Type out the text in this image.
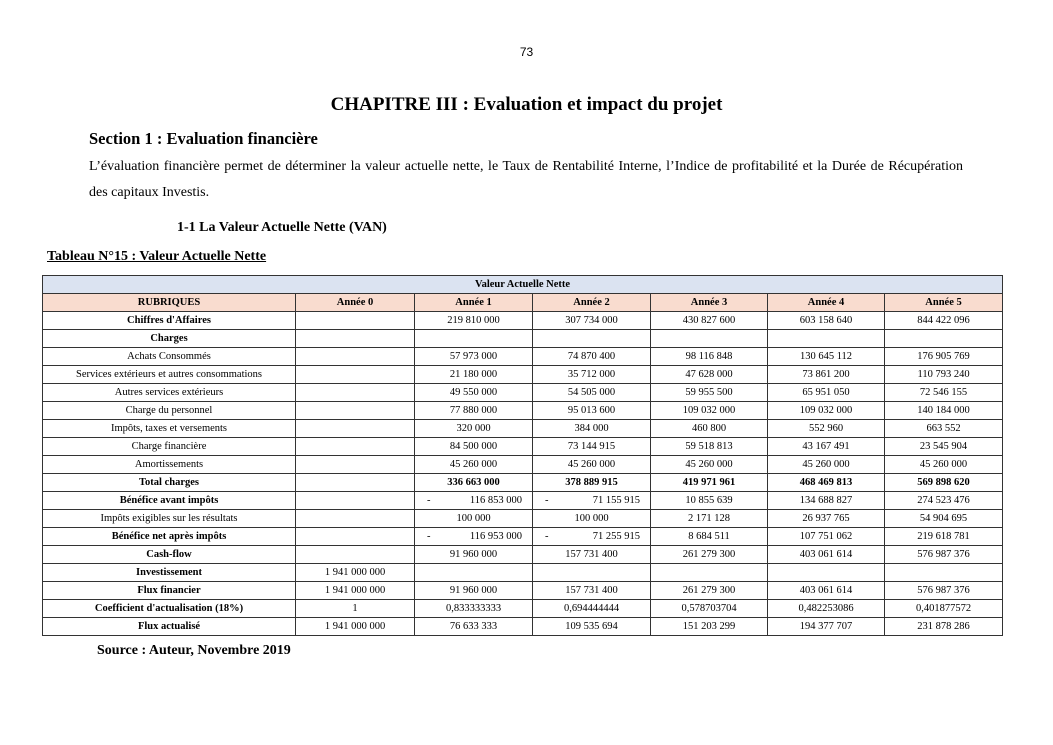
73
CHAPITRE III : Evaluation et impact du projet
Section 1 : Evaluation financière
L’évaluation financière permet de déterminer la valeur actuelle nette, le Taux de Rentabilité Interne, l’Indice de profitabilité et la Durée de Récupération des capitaux Investis.
1-1 La Valeur Actuelle Nette (VAN)
Tableau N°15 : Valeur Actuelle Nette
Valeur Actuelle Nette						
RUBRIQUES	Année 0	Année 1	Année 2	Année 3	Année 4	Année 5
Chiffres d'Affaires		219 810 000	307 734 000	430 827 600	603 158 640	844 422 096
Charges						
Achats Consommés		57 973 000	74 870 400	98 116 848	130 645 112	176 905 769
Services extérieurs et autres consommations		21 180 000	35 712 000	47 628 000	73 861 200	110 793 240
Autres services extérieurs		49 550 000	54 505 000	59 955 500	65 951 050	72 546 155
Charge du personnel		77 880 000	95 013 600	109 032 000	109 032 000	140 184 000
Impôts, taxes et versements		320 000	384 000	460 800	552 960	663 552
Charge financière		84 500 000	73 144 915	59 518 813	43 167 491	23 545 904
Amortissements		45 260 000	45 260 000	45 260 000	45 260 000	45 260 000
Total charges		336 663 000	378 889 915	419 971 961	468 469 813	569 898 620
Bénéfice avant impôts		- 116 853 000	- 71 155 915	10 855 639	134 688 827	274 523 476
Impôts exigibles sur les résultats		100 000	100 000	2 171 128	26 937 765	54 904 695
Bénéfice net après impôts		- 116 953 000	- 71 255 915	8 684 511	107 751 062	219 618 781
Cash-flow		91 960 000	157 731 400	261 279 300	403 061 614	576 987 376
Investissement	1 941 000 000					
Flux financier	1 941 000 000	91 960 000	157 731 400	261 279 300	403 061 614	576 987 376
Coefficient d'actualisation (18%)	1	0,833333333	0,694444444	0,578703704	0,482253086	0,401877572
Flux actualisé	1 941 000 000	76 633 333	109 535 694	151 203 299	194 377 707	231 878 286
Source : Auteur, Novembre 2019
